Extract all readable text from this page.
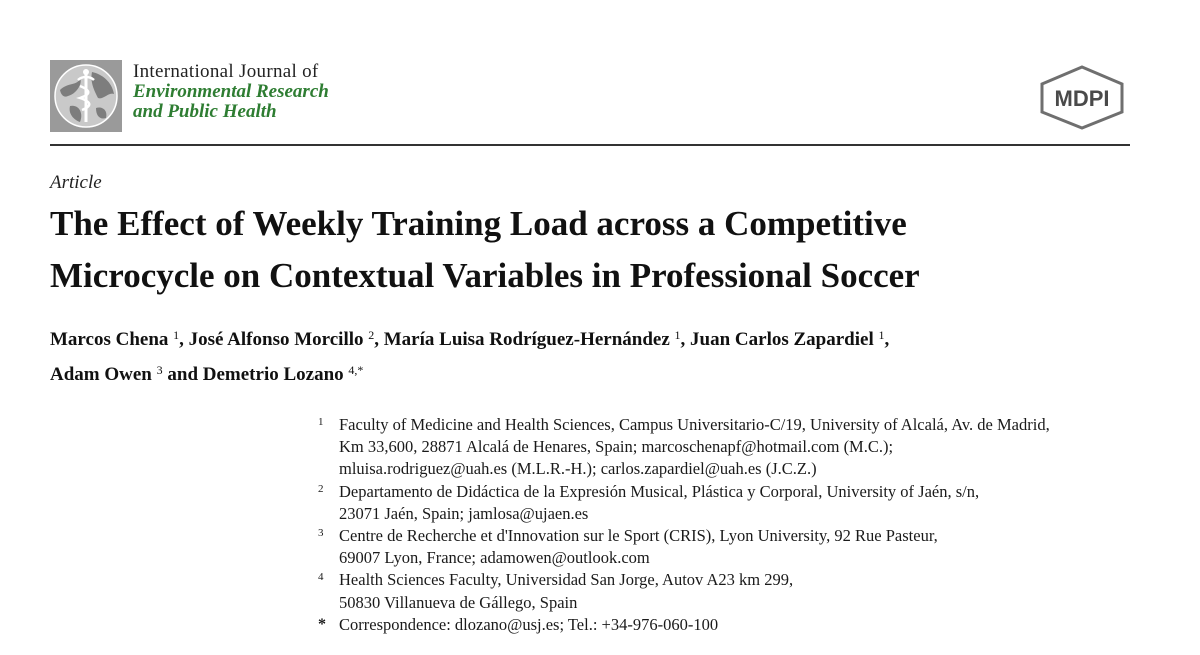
International Journal of
Environmental Research
and Public Health
MDPI
Article
The Effect of Weekly Training Load across a Competitive
Microcycle on Contextual Variables in Professional Soccer
Marcos Chena $^1$, José Alfonso Morcillo $^2$, María Luisa Rodríguez-Hernández $^1$, Juan Carlos Zapardiel $^1$,
Adam Owen $^3$ and Demetrio Lozano $^{4,*}$
1 Faculty of Medicine and Health Sciences, Campus Universitario-C/19, University of Alcalá, Av. de Madrid,
Km 33,600, 28871 Alcalá de Henares, Spain; marcoschenapf@hotmail.com (M.C.);
mluisa.rodriguez@uah.es (M.L.R.-H.); carlos.zapardiel@uah.es (J.C.Z.)
2 Departamento de Didáctica de la Expresión Musical, Plástica y Corporal, University of Jaén, s/n,
23071 Jaén, Spain; jamlosa@ujaen.es
3 Centre de Recherche et d'Innovation sur le Sport (CRIS), Lyon University, 92 Rue Pasteur,
69007 Lyon, France; adamowen@outlook.com
4 Health Sciences Faculty, Universidad San Jorge, Autov A23 km 299,
50830 Villanueva de Gállego, Spain
* Correspondence: dlozano@usj.es; Tel.: +34-976-060-100
